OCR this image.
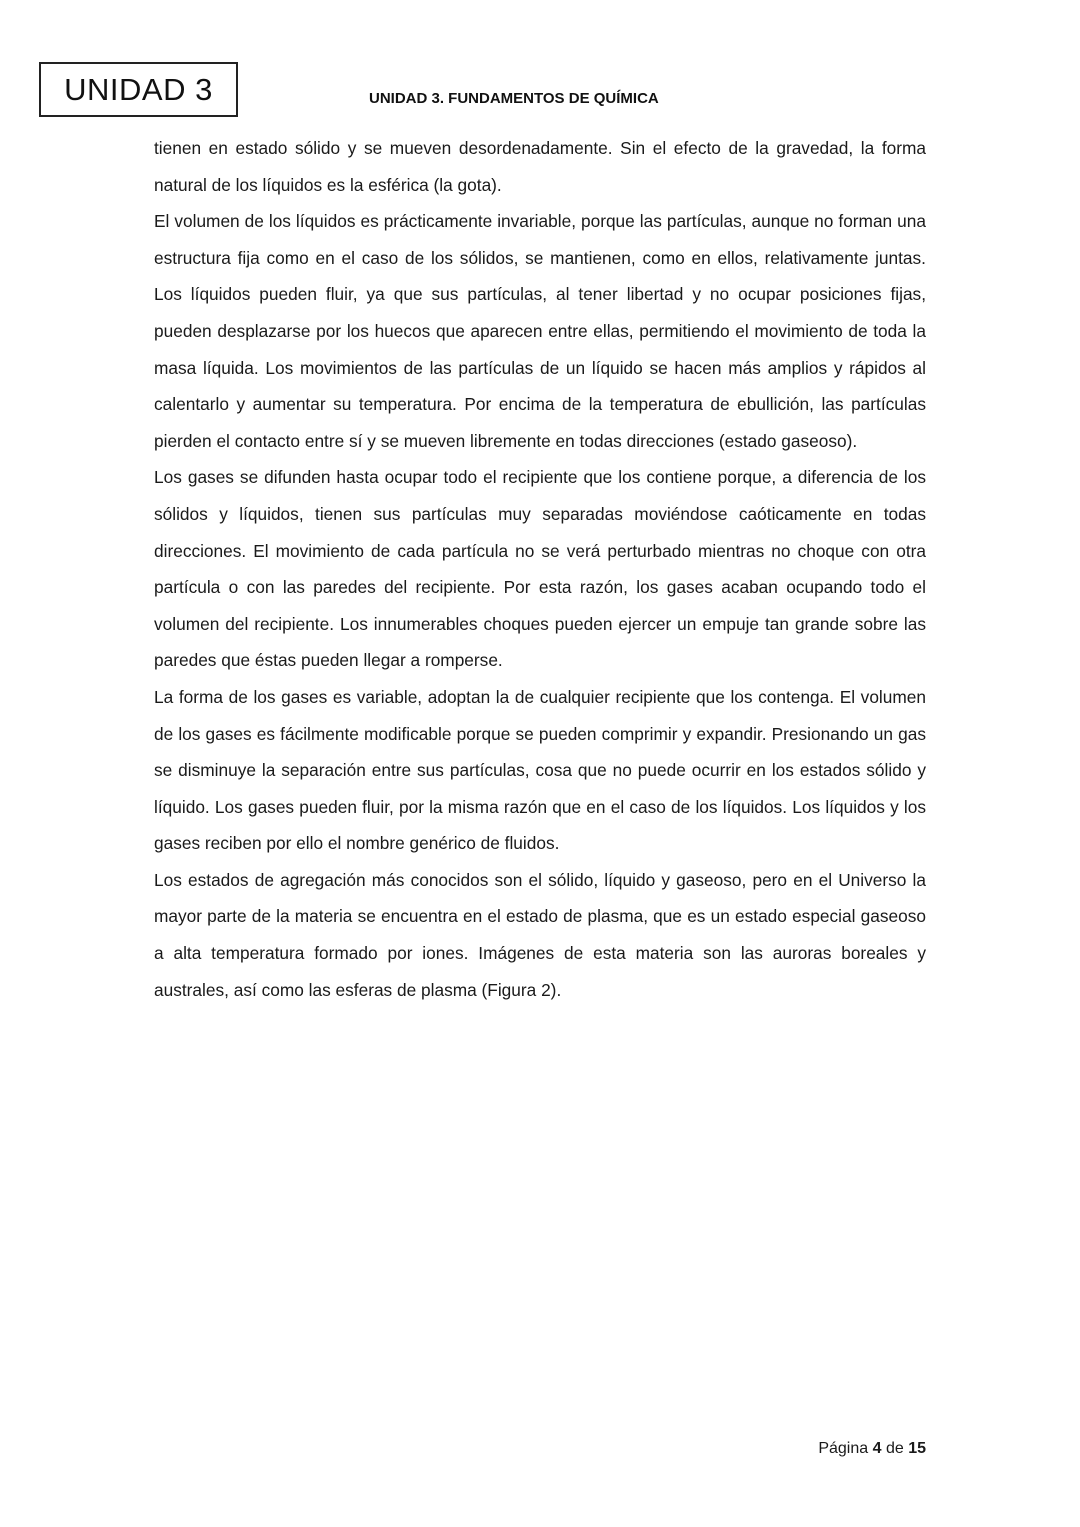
UNIDAD 3	UNIDAD 3. FUNDAMENTOS DE QUÍMICA

tienen en estado sólido y se mueven desordenadamente. Sin el efecto de la gravedad, la forma natural de los líquidos es la esférica (la gota).

El volumen de los líquidos es prácticamente invariable, porque las partículas, aunque no forman una estructura fija como en el caso de los sólidos, se mantienen, como en ellos, relativamente juntas. Los líquidos pueden fluir, ya que sus partículas, al tener libertad y no ocupar posiciones fijas, pueden desplazarse por los huecos que aparecen entre ellas, permitiendo el movimiento de toda la masa líquida. Los movimientos de las partículas de un líquido se hacen más amplios y rápidos al calentarlo y aumentar su temperatura. Por encima de la temperatura de ebullición, las partículas pierden el contacto entre sí y se mueven libremente en todas direcciones (estado gaseoso).

Los gases se difunden hasta ocupar todo el recipiente que los contiene porque, a diferencia de los sólidos y líquidos, tienen sus partículas muy separadas moviéndose caóticamente en todas direcciones. El movimiento de cada partícula no se verá perturbado mientras no choque con otra partícula o con las paredes del recipiente. Por esta razón, los gases acaban ocupando todo el volumen del recipiente. Los innumerables choques pueden ejercer un empuje tan grande sobre las paredes que éstas pueden llegar a romperse.

La forma de los gases es variable, adoptan la de cualquier recipiente que los contenga. El volumen de los gases es fácilmente modificable porque se pueden comprimir y expandir. Presionando un gas se disminuye la separación entre sus partículas, cosa que no puede ocurrir en los estados sólido y líquido. Los gases pueden fluir, por la misma razón que en el caso de los líquidos. Los líquidos y los gases reciben por ello el nombre genérico de fluidos.

Los estados de agregación más conocidos son el sólido, líquido y gaseoso, pero en el Universo la mayor parte de la materia se encuentra en el estado de plasma, que es un estado especial gaseoso a alta temperatura formado por iones. Imágenes de esta materia son las auroras boreales y australes, así como las esferas de plasma (Figura 2).

Página 4 de 15
